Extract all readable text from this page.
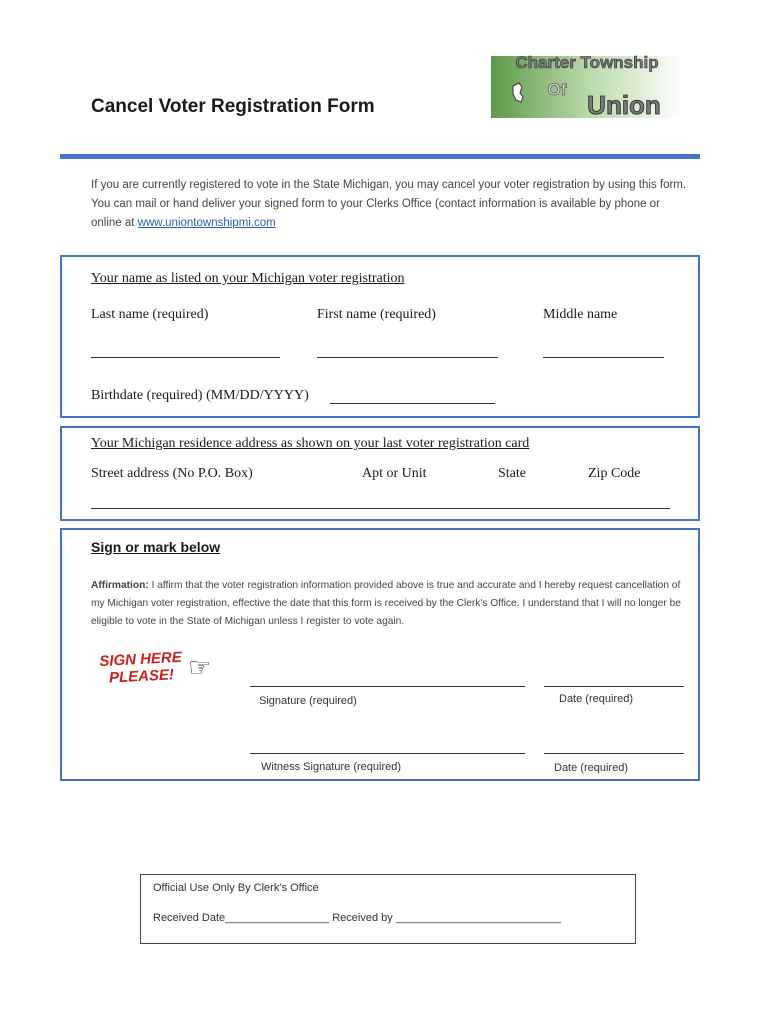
Cancel Voter Registration Form
Charter Township
Of
Union
If you are currently registered to vote in the State Michigan, you may cancel your voter registration by using this form. You can mail or hand deliver your signed form to your Clerks Office (contact information is available by phone or online at www.uniontownshipmi.com
Your name as listed on your Michigan voter registration
Last name (required)	First name (required)	Middle name
Birthdate (required) (MM/DD/YYYY)
Your Michigan residence address as shown on your last voter registration card
Street address (No P.O. Box)	Apt or Unit	State	Zip Code
Sign or mark below
Affirmation: I affirm that the voter registration information provided above is true and accurate and I hereby request cancellation of my Michigan voter registration, effective the date that this form is received by the Clerk's Office. I understand that I will no longer be eligible to vote in the State of Michigan unless I register to vote again.
SIGN HERE
PLEASE! ☞
Signature (required)	Date (required)
Witness Signature (required)	Date (required)
Official Use Only By Clerk’s Office
Received Date_________________ Received by ___________________________
